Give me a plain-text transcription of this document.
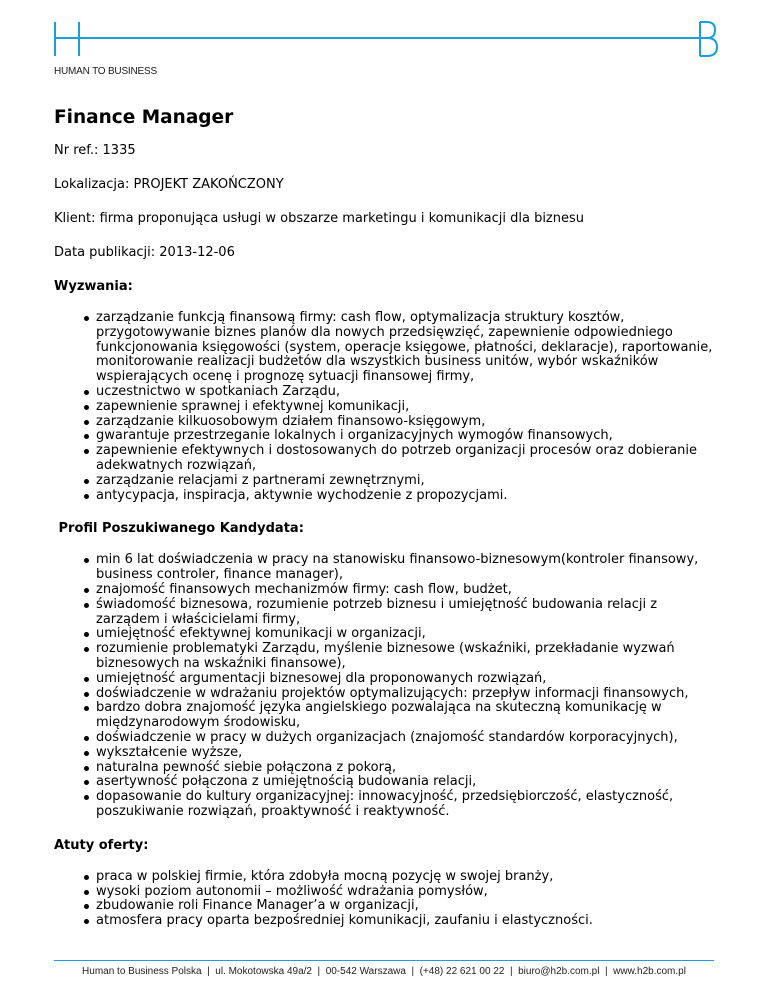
HUMAN TO BUSINESS
Finance Manager

Nr ref.: 1335

Lokalizacja: PROJEKT ZAKOŃCZONY

Klient: firma proponująca usługi w obszarze marketingu i komunikacji dla biznesu

Data publikacji: 2013-12-06

Wyzwania:

zarządzanie funkcją finansową firmy: cash flow, optymalizacja struktury kosztów, przygotowywanie biznes planów dla nowych przedsięwzięć, zapewnienie odpowiedniego funkcjonowania księgowości (system, operacje księgowe, płatności, deklaracje), raportowanie, monitorowanie realizacji budżetów dla wszystkich business unitów, wybór wskaźników wspierających ocenę i prognozę sytuacji finansowej firmy,
uczestnictwo w spotkaniach Zarządu,
zapewnienie sprawnej i efektywnej komunikacji,
zarządzanie kilkuosobowym działem finansowo-księgowym,
gwarantuje przestrzeganie lokalnych i organizacyjnych wymogów finansowych,
zapewnienie efektywnych i dostosowanych do potrzeb organizacji procesów oraz dobieranie adekwatnych rozwiązań,
zarządzanie relacjami z partnerami zewnętrznymi,
antycypacja, inspiracja, aktywnie wychodzenie z propozycjami.

Profil Poszukiwanego Kandydata:

min 6 lat doświadczenia w pracy na stanowisku finansowo-biznesowym(kontroler finansowy, business controler, finance manager),
znajomość finansowych mechanizmów firmy: cash flow, budżet,
świadomość biznesowa, rozumienie potrzeb biznesu i umiejętność budowania relacji z zarządem i właścicielami firmy,
umiejętność efektywnej komunikacji w organizacji,
rozumienie problematyki Zarządu, myślenie biznesowe (wskaźniki, przekładanie wyzwań biznesowych na wskaźniki finansowe),
umiejętność argumentacji biznesowej dla proponowanych rozwiązań,
doświadczenie w wdrażaniu projektów optymalizujących: przepływ informacji finansowych,
bardzo dobra znajomość języka angielskiego pozwalająca na skuteczną komunikację w międzynarodowym środowisku,
doświadczenie w pracy w dużych organizacjach (znajomość standardów korporacyjnych),
wykształcenie wyższe,
naturalna pewność siebie połączona z pokorą,
asertywność połączona z umiejętnością budowania relacji,
dopasowanie do kultury organizacyjnej: innowacyjność, przedsiębiorczość, elastyczność, poszukiwanie rozwiązań, proaktywność i reaktywność.

Atuty oferty:

praca w polskiej firmie, która zdobyła mocną pozycję w swojej branży,
wysoki poziom autonomii – możliwość wdrażania pomysłów,
zbudowanie roli Finance Manager’a w organizacji,
atmosfera pracy oparta bezpośredniej komunikacji, zaufaniu i elastyczności.
Human to Business Polska  |  ul. Mokotowska 49a/2  |  00-542 Warszawa  |  (+48) 22 621 00 22  |  biuro@h2b.com.pl  |  www.h2b.com.pl
